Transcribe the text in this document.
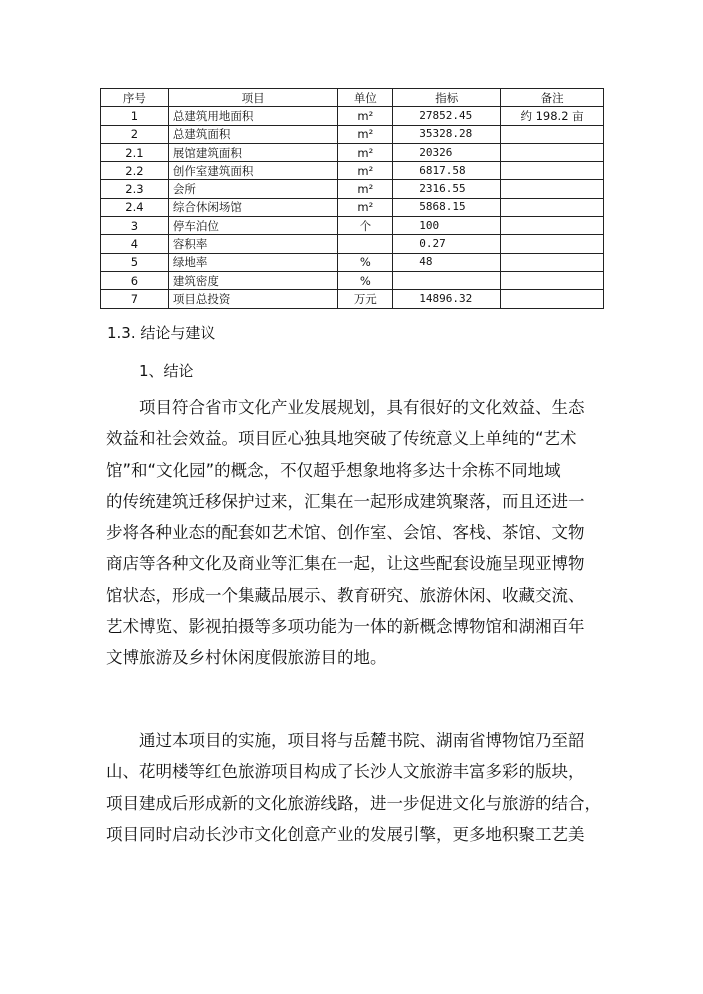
序号	项目	单位	指标	备注
1	总建筑用地面积	m²	27852.45	约 198.2 亩
2	总建筑面积	m²	35328.28	
2.1	展馆建筑面积	m²	20326	
2.2	创作室建筑面积	m²	6817.58	
2.3	会所	m²	2316.55	
2.4	综合休闲场馆	m²	5868.15	
3	停车泊位	个	100	
4	容积率		0.27	
5	绿地率	%	48	
6	建筑密度	%		
7	项目总投资	万元	14896.32	
1.3. 结论与建议
1、结论
　　项目符合省市文化产业发展规划，具有很好的文化效益、生态
效益和社会效益。项目匠心独具地突破了传统意义上单纯的“艺术
馆”和“文化园”的概念，不仅超乎想象地将多达十余栋不同地域
的传统建筑迁移保护过来，汇集在一起形成建筑聚落，而且还进一
步将各种业态的配套如艺术馆、创作室、会馆、客栈、茶馆、文物
商店等各种文化及商业等汇集在一起，让这些配套设施呈现亚博物
馆状态，形成一个集藏品展示、教育研究、旅游休闲、收藏交流、
艺术博览、影视拍摄等多项功能为一体的新概念博物馆和湖湘百年
文博旅游及乡村休闲度假旅游目的地。
　　通过本项目的实施，项目将与岳麓书院、湖南省博物馆乃至韶
山、花明楼等红色旅游项目构成了长沙人文旅游丰富多彩的版块，
项目建成后形成新的文化旅游线路，进一步促进文化与旅游的结合，
项目同时启动长沙市文化创意产业的发展引擎，更多地积聚工艺美
